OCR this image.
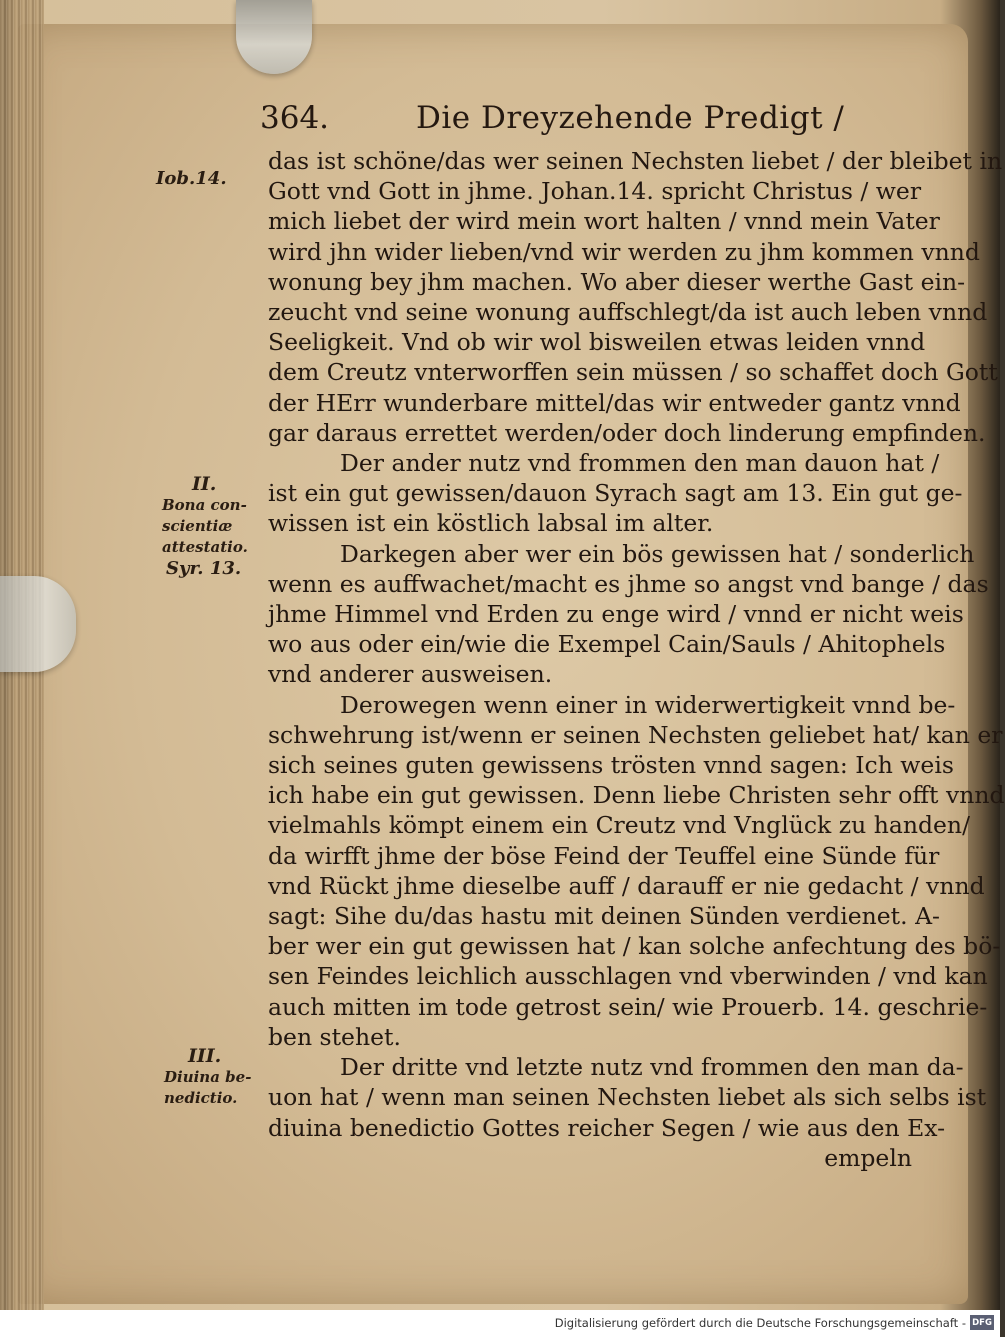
364.	Die Dreyzehende Predigt /
Iob.14.
II.
Bona con-
scientiæ
attestatio.
Syr. 13.
III.
Diuina be-
nedictio.
das ist schöne/das wer seinen Nechsten liebet / der bleibet in
Gott vnd Gott in jhme. Johan.14. spricht Christus / wer
mich liebet der wird mein wort halten / vnnd mein Vater
wird jhn wider lieben/vnd wir werden zu jhm kommen vnnd
wonung bey jhm machen. Wo aber dieser werthe Gast ein-
zeucht vnd seine wonung auffschlegt/da ist auch leben vnnd
Seeligkeit. Vnd ob wir wol bisweilen etwas leiden vnnd
dem Creutz vnterworffen sein müssen / so schaffet doch Gott
der HErr wunderbare mittel/das wir entweder gantz vnnd
gar daraus errettet werden/oder doch linderung empfinden.
Der ander nutz vnd frommen den man dauon hat /
ist ein gut gewissen/dauon Syrach sagt am 13. Ein gut ge-
wissen ist ein köstlich labsal im alter.
Darkegen aber wer ein bös gewissen hat / sonderlich
wenn es auffwachet/macht es jhme so angst vnd bange / das
jhme Himmel vnd Erden zu enge wird / vnnd er nicht weis
wo aus oder ein/wie die Exempel Cain/Sauls / Ahitophels
vnd anderer ausweisen.
Derowegen wenn einer in widerwertigkeit vnnd be-
schwehrung ist/wenn er seinen Nechsten geliebet hat/ kan er
sich seines guten gewissens trösten vnnd sagen: Ich weis
ich habe ein gut gewissen. Denn liebe Christen sehr offt vnnd
vielmahls kömpt einem ein Creutz vnd Vnglück zu handen/
da wirfft jhme der böse Feind der Teuffel eine Sünde für
vnd Rückt jhme dieselbe auff / darauff er nie gedacht / vnnd
sagt: Sihe du/das hastu mit deinen Sünden verdienet. A-
ber wer ein gut gewissen hat / kan solche anfechtung des bö-
sen Feindes leichlich ausschlagen vnd vberwinden / vnd kan
auch mitten im tode getrost sein/ wie Prouerb. 14. geschrie-
ben stehet.
Der dritte vnd letzte nutz vnd frommen den man da-
uon hat / wenn man seinen Nechsten liebet als sich selbs ist
diuina benedictio Gottes reicher Segen / wie aus den Ex-
empeln
Digitalisierung gefördert durch die Deutsche Forschungsgemeinschaft - DFG
